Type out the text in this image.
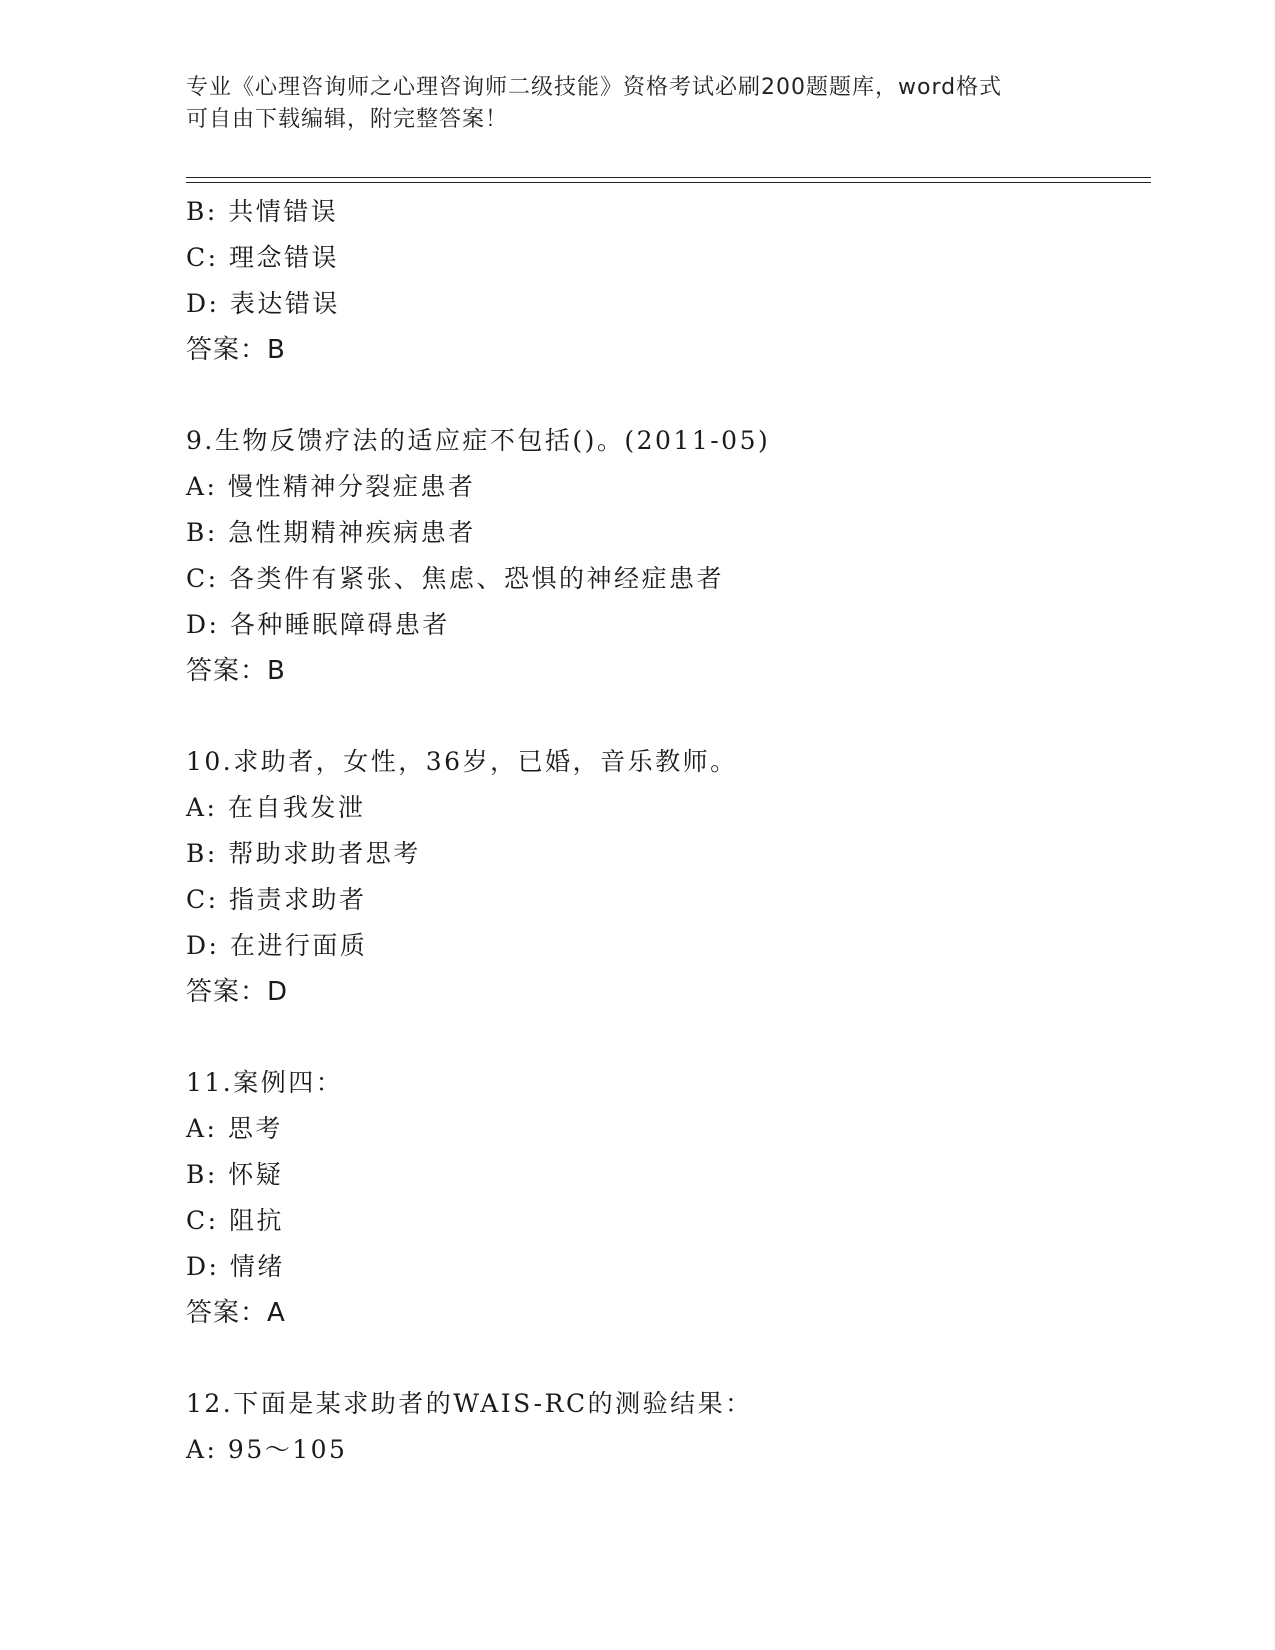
专业《心理咨询师之心理咨询师二级技能》资格考试必刷200题题库，word格式
可自由下载编辑，附完整答案！
B: 共情错误
C: 理念错误
D: 表达错误
答案：B
9.生物反馈疗法的适应症不包括()。(2011-05)
A: 慢性精神分裂症患者
B: 急性期精神疾病患者
C: 各类件有紧张、焦虑、恐惧的神经症患者
D: 各种睡眠障碍患者
答案：B
10.求助者，女性，36岁，已婚，音乐教师。
A: 在自我发泄
B: 帮助求助者思考
C: 指责求助者
D: 在进行面质
答案：D
11.案例四：
A: 思考
B: 怀疑
C: 阻抗
D: 情绪
答案：A
12.下面是某求助者的WAIS-RC的测验结果：
A: 95～105
